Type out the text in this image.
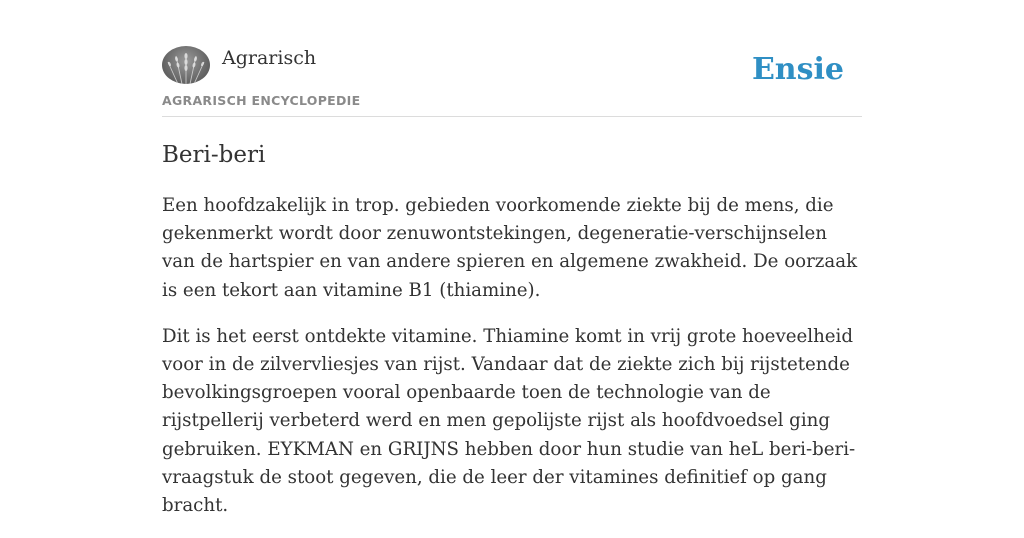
Agrarisch
AGRARISCH ENCYCLOPEDIE
Ensie
Beri-beri

Een hoofdzakelijk in trop. gebieden voorkomende ziekte bij de mens, die gekenmerkt wordt door zenuwontstekingen, degeneratie-verschijnselen van de hartspier en van andere spieren en algemene zwakheid. De oorzaak is een tekort aan vitamine B1 (thiamine).

Dit is het eerst ontdekte vitamine. Thiamine komt in vrij grote hoeveelheid voor in de zilvervliesjes van rijst. Vandaar dat de ziekte zich bij rijstetende bevolkingsgroepen vooral openbaarde toen de technologie van de rijstpellerij verbeterd werd en men gepolijste rijst als hoofdvoedsel ging gebruiken. EYKMAN en GRIJNS hebben door hun studie van heL beri-beri-vraagstuk de stoot gegeven, die de leer der vitamines definitief op gang bracht.
